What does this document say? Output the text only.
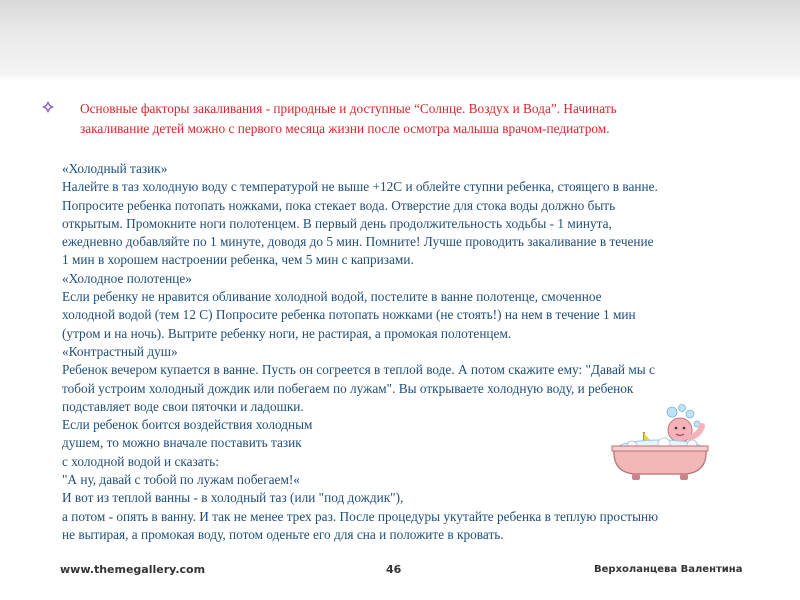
Основные факторы закаливания - природные и доступные “Солнце. Воздух и Вода”. Начинать
закаливание детей можно с первого месяца жизни после осмотра малыша врачом-педиатром.
«Холодный тазик»
Налейте в таз холодную воду с температурой не выше +12С и облейте ступни ребенка, стоящего в ванне.
Попросите ребенка потопать ножками, пока стекает вода. Отверстие для стока воды должно быть
открытым. Промокните ноги полотенцем. В первый день продолжительность ходьбы - 1 минута,
ежедневно добавляйте по 1 минуте, доводя до 5 мин. Помните! Лучше проводить закаливание в течение
1 мин в хорошем настроении ребенка, чем 5 мин с капризами.
«Холодное полотенце»
Если ребенку не нравится обливание холодной водой, постелите в ванне полотенце, смоченное
холодной водой (тем 12 С) Попросите ребенка потопать ножками (не стоять!) на нем в течение 1 мин
(утром и на ночь). Вытрите ребенку ноги, не растирая, а промокая полотенцем.
«Контрастный душ»
Ребенок вечером купается в ванне. Пусть он согреется в теплой воде. А потом скажите ему: "Давай мы с
тобой устроим холодный дождик или побегаем по лужам". Вы открываете холодную воду, и ребенок
подставляет воде свои пяточки и ладошки.
Если ребенок боится воздействия холодным
душем, то можно вначале поставить тазик
с холодной водой и сказать:
"А ну, давай с тобой по лужам побегаем!«
И вот из теплой ванны - в холодный таз (или "под дождик"),
а потом - опять в ванну. И так не менее трех раз. После процедуры укутайте ребенка в теплую простыню
не вытирая, а промокая воду, потом оденьте его для сна и положите в кровать.
www.themegallery.com	46	Верхоланцева Валентина
